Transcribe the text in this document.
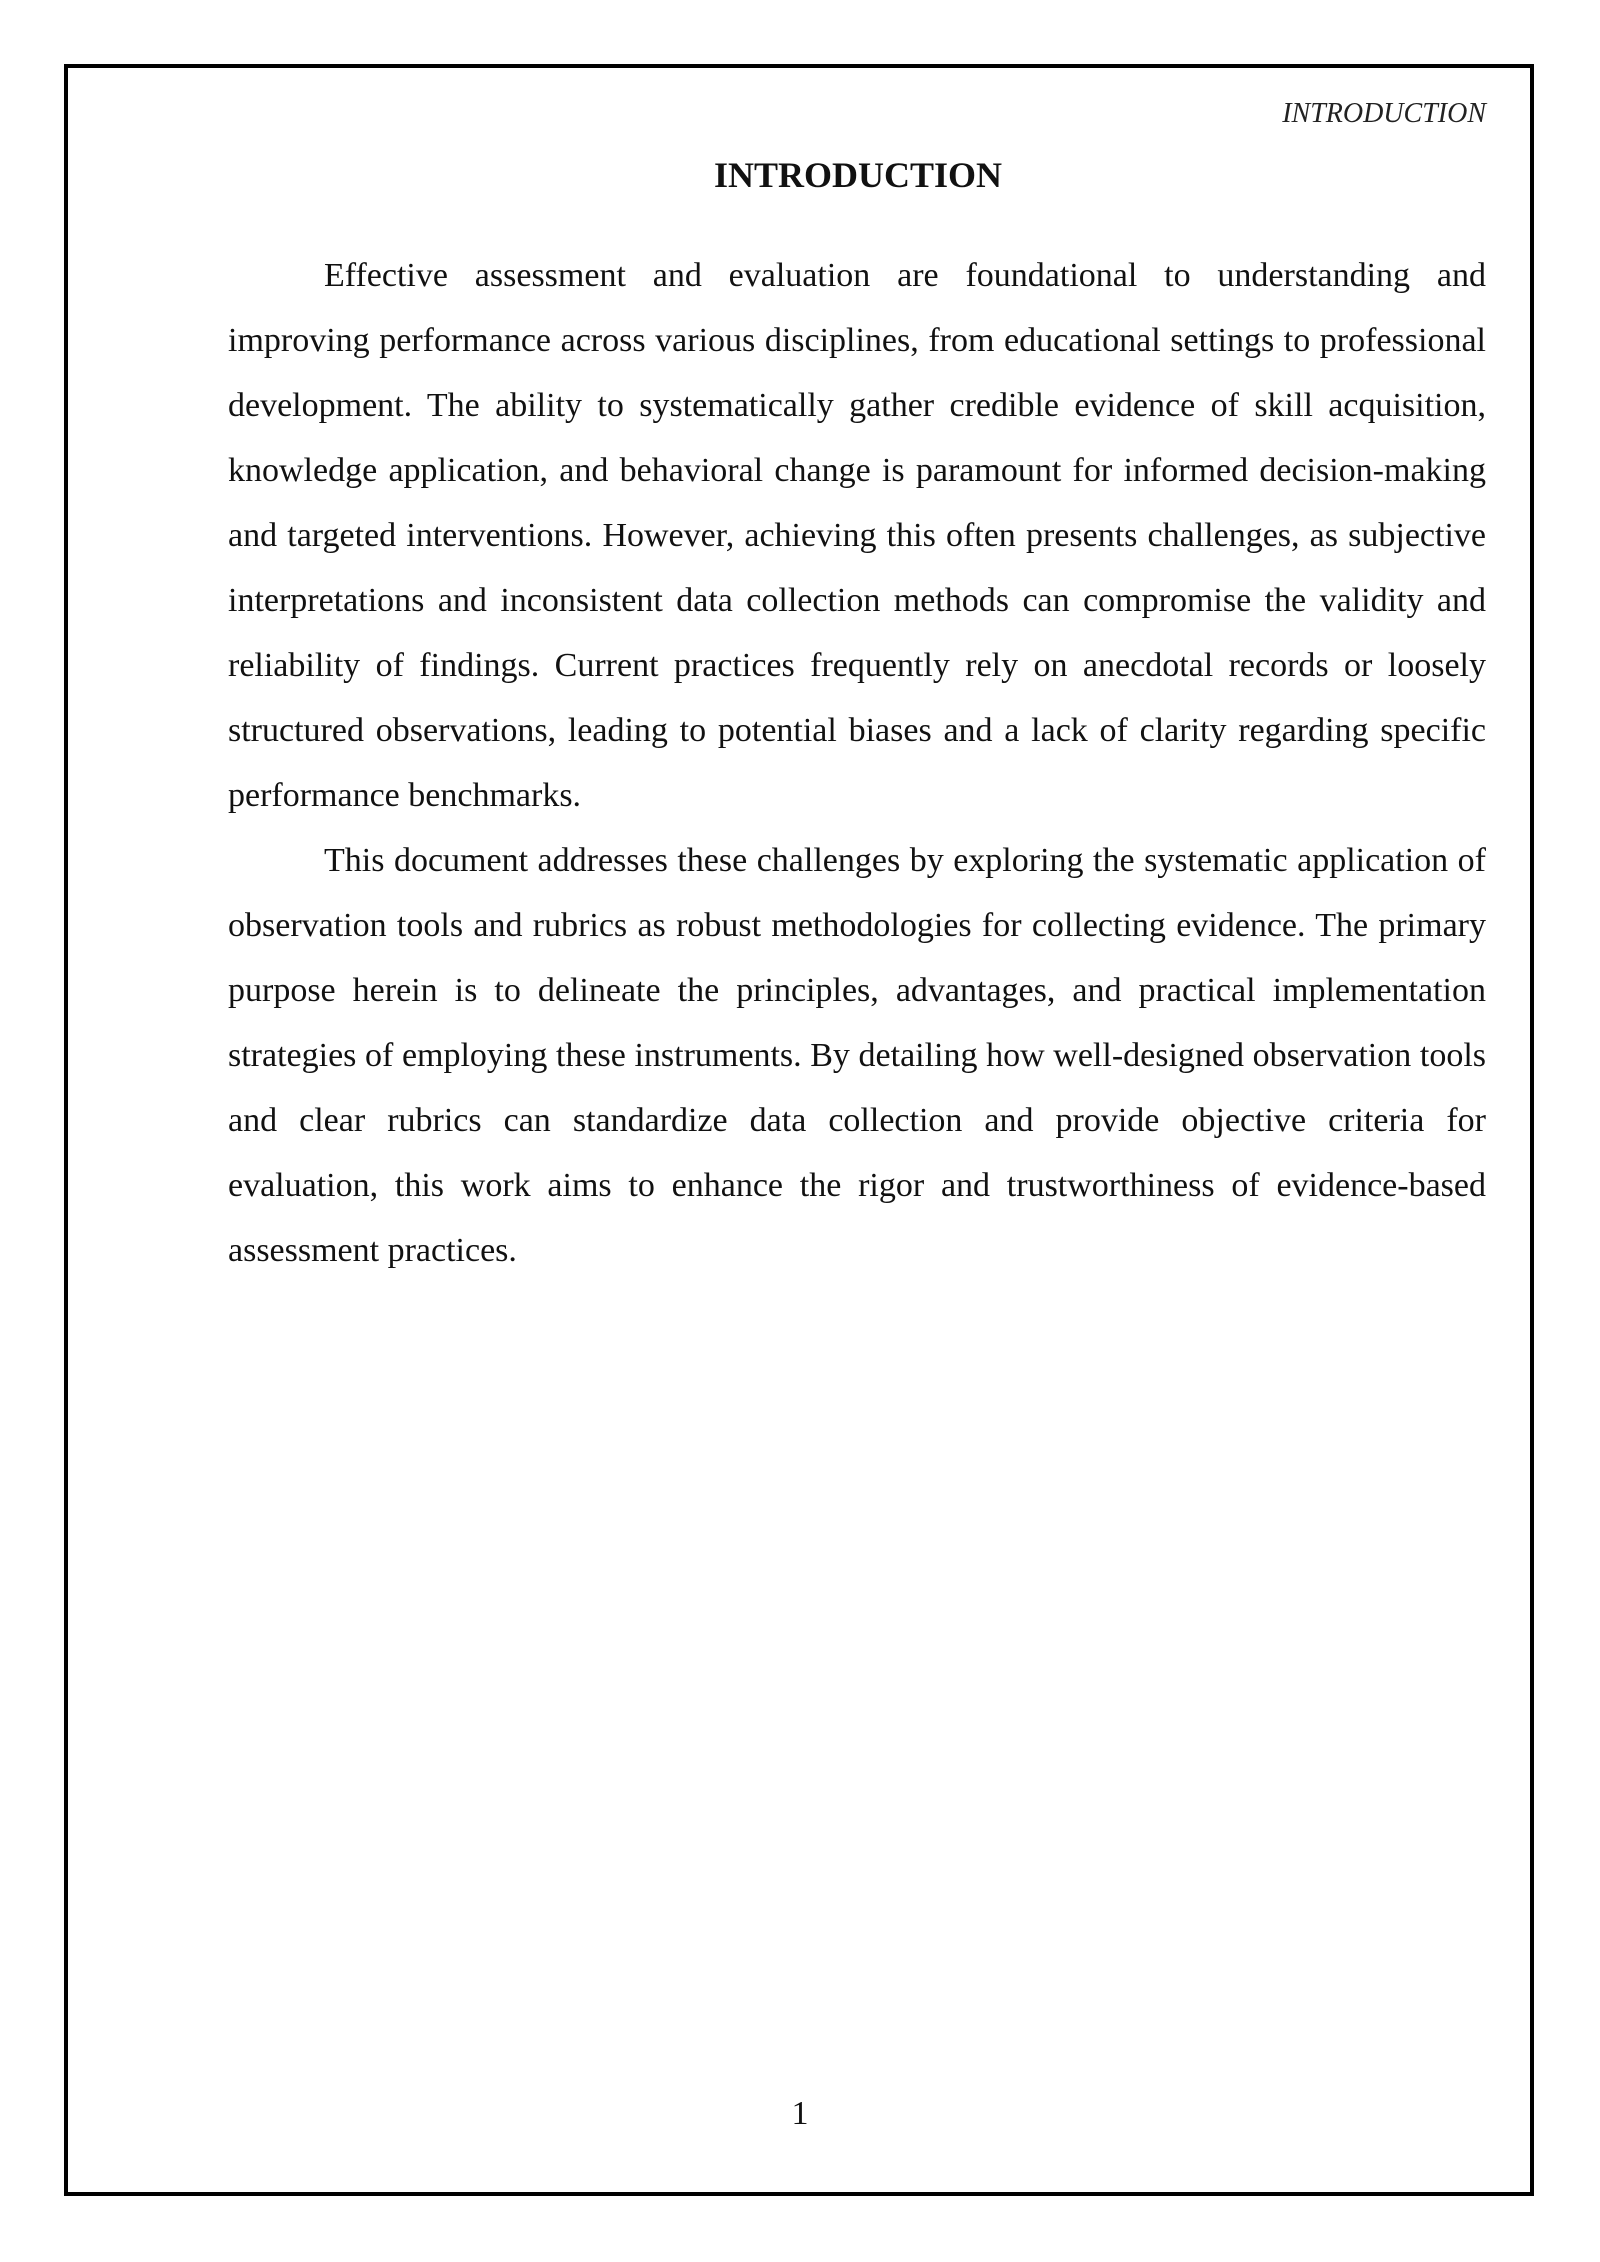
INTRODUCTION
INTRODUCTION

Effective assessment and evaluation are foundational to understanding and improving performance across various disciplines, from educational settings to professional development. The ability to systematically gather credible evidence of skill acquisition, knowledge application, and behavioral change is paramount for informed decision-making and targeted interventions. However, achieving this often presents challenges, as subjective interpretations and inconsistent data collection methods can compromise the validity and reliability of findings. Current practices frequently rely on anecdotal records or loosely structured observations, leading to potential biases and a lack of clarity regarding specific performance benchmarks.

This document addresses these challenges by exploring the systematic application of observation tools and rubrics as robust methodologies for collecting evidence. The primary purpose herein is to delineate the principles, advantages, and practical implementation strategies of employing these instruments. By detailing how well-designed observation tools and clear rubrics can standardize data collection and provide objective criteria for evaluation, this work aims to enhance the rigor and trustworthiness of evidence-based assessment practices.

1
